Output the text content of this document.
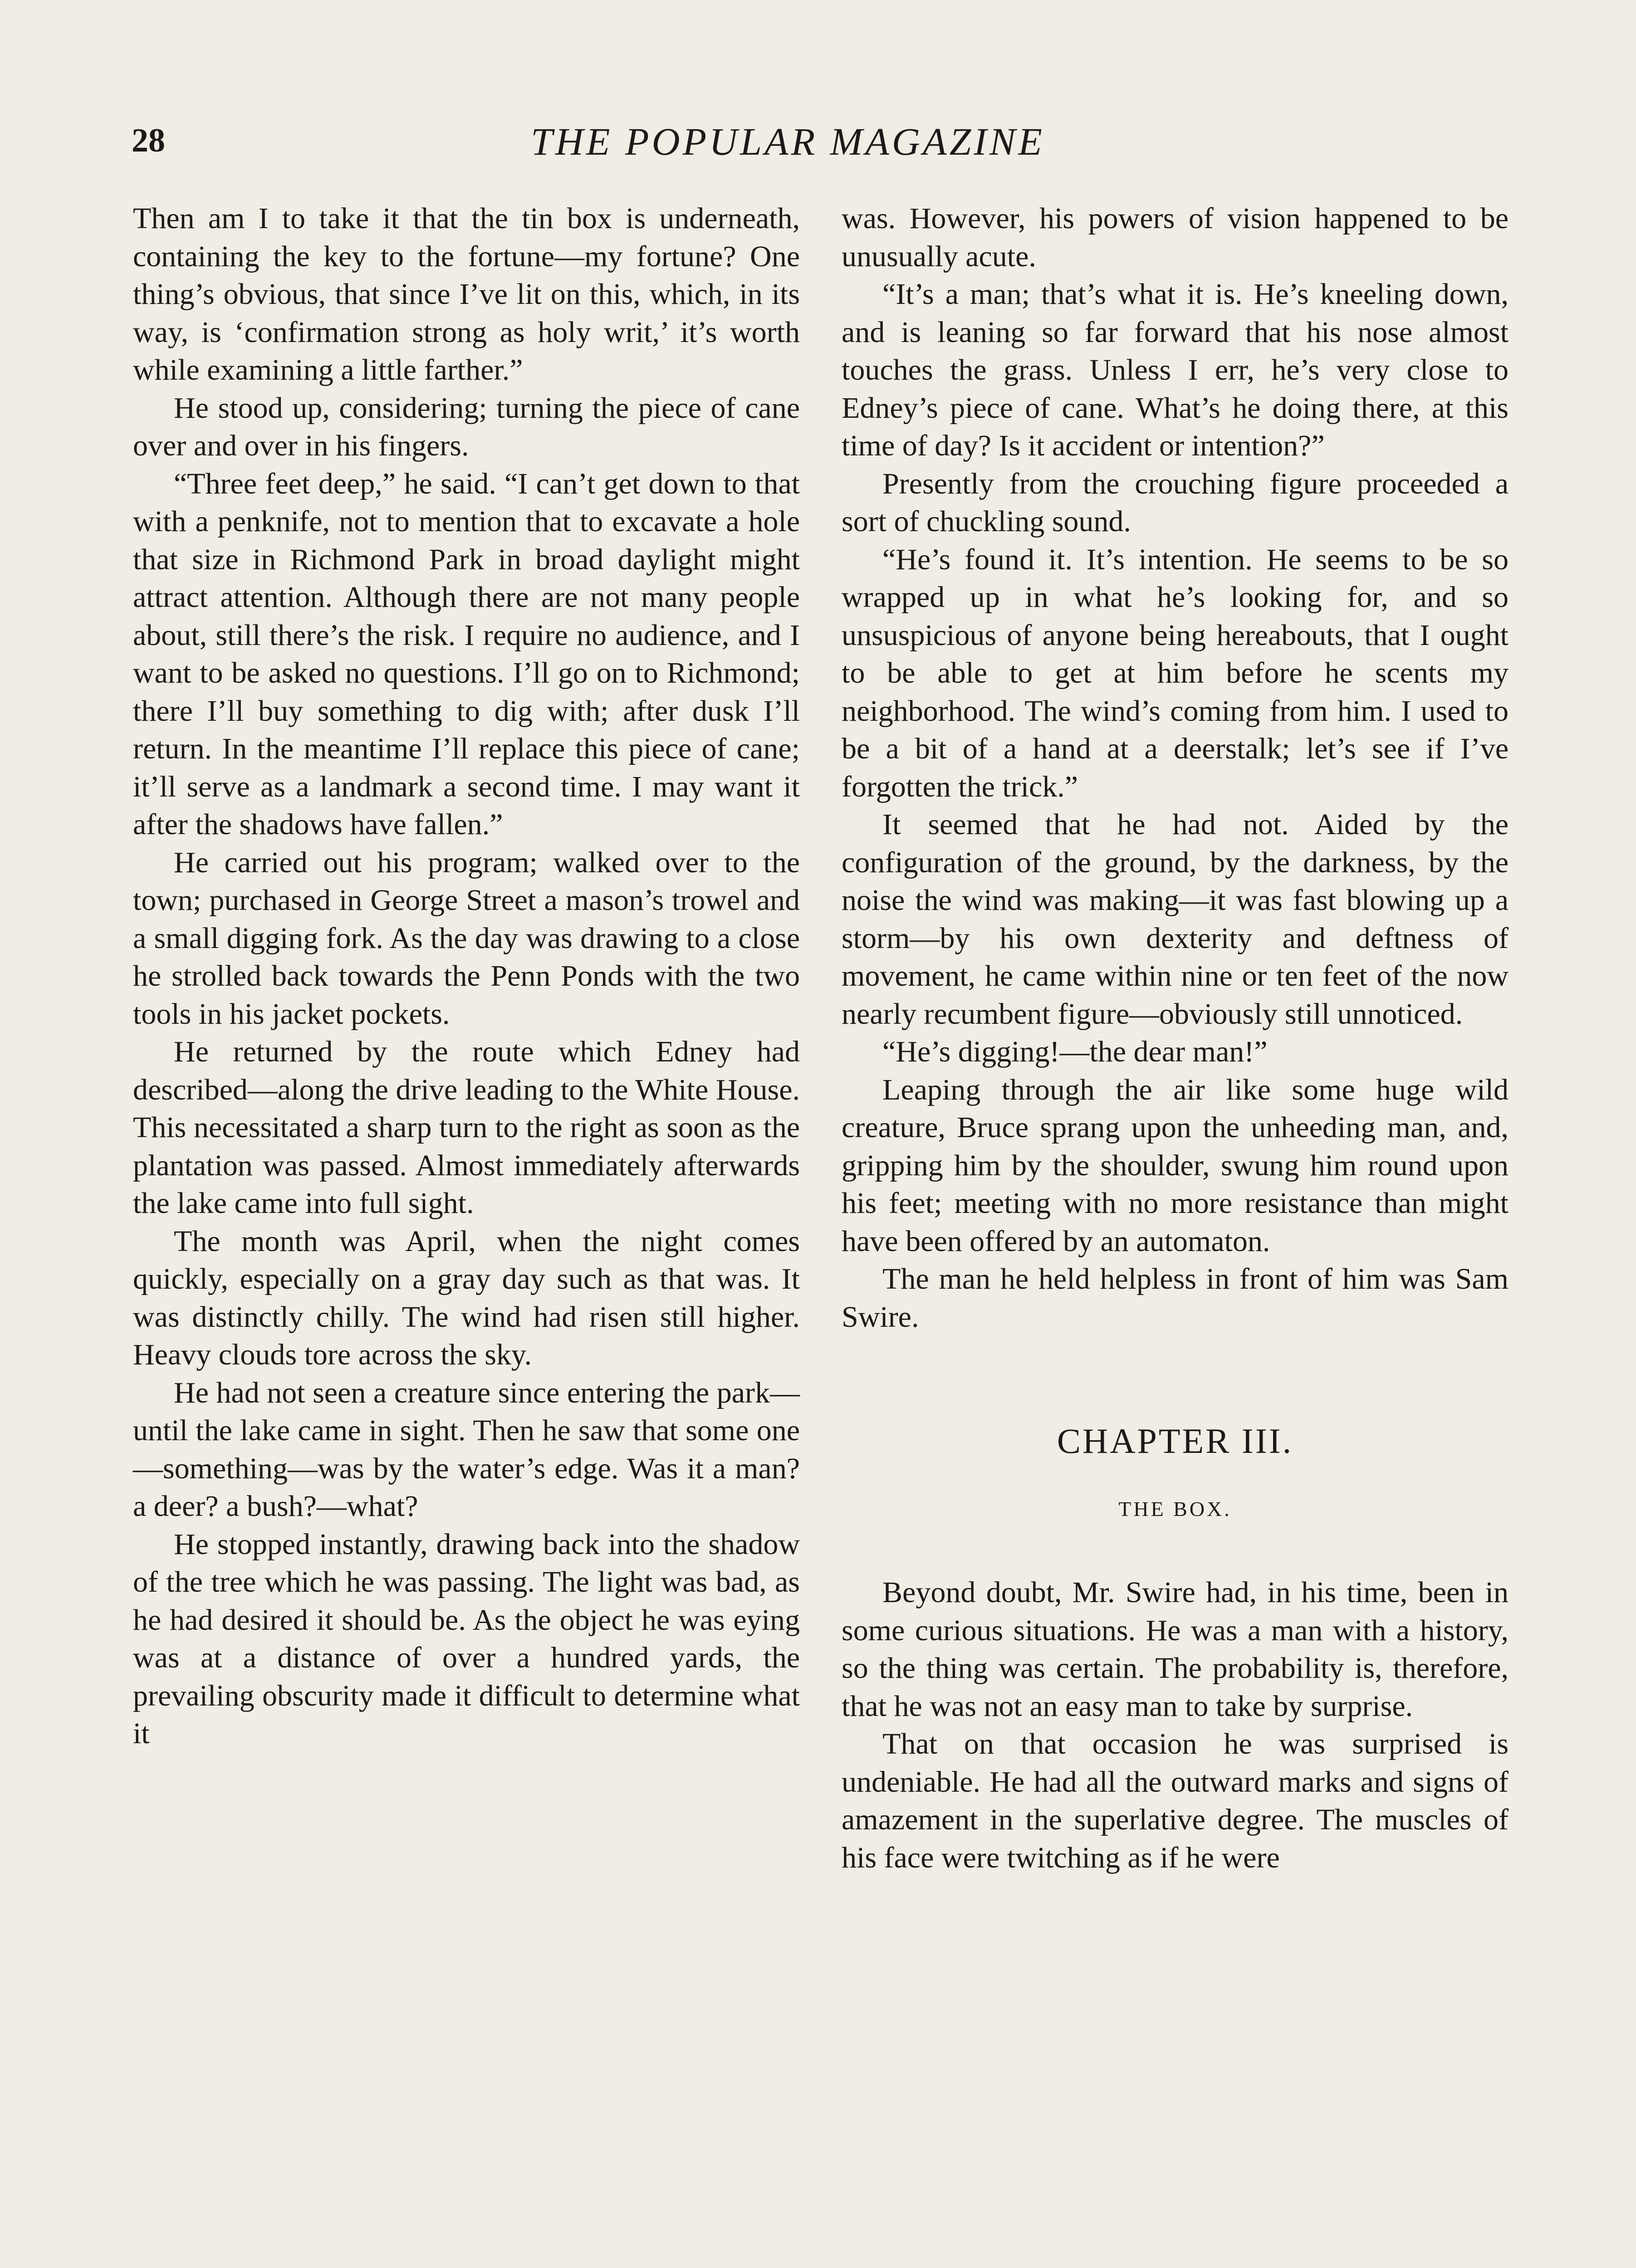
28	THE POPULAR MAGAZINE

Then am I to take it that the tin box is underneath, containing the key to the fortune—my fortune? One thing’s obvious, that since I’ve lit on this, which, in its way, is ‘confirmation strong as holy writ,’ it’s worth while examining a little farther.”

He stood up, considering; turning the piece of cane over and over in his fingers.

“Three feet deep,” he said. “I can’t get down to that with a penknife, not to mention that to excavate a hole that size in Richmond Park in broad daylight might attract attention. Although there are not many people about, still there’s the risk. I require no audience, and I want to be asked no questions. I’ll go on to Richmond; there I’ll buy something to dig with; after dusk I’ll return. In the meantime I’ll replace this piece of cane; it’ll serve as a landmark a second time. I may want it after the shadows have fallen.”

He carried out his program; walked over to the town; purchased in George Street a mason’s trowel and a small digging fork. As the day was drawing to a close he strolled back towards the Penn Ponds with the two tools in his jacket pockets.

He returned by the route which Edney had described—along the drive leading to the White House. This necessitated a sharp turn to the right as soon as the plantation was passed. Almost immediately afterwards the lake came into full sight.

The month was April, when the night comes quickly, especially on a gray day such as that was. It was distinctly chilly. The wind had risen still higher. Heavy clouds tore across the sky.

He had not seen a creature since entering the park—until the lake came in sight. Then he saw that some one—something—was by the water’s edge. Was it a man? a deer? a bush?—what?

He stopped instantly, drawing back into the shadow of the tree which he was passing. The light was bad, as he had desired it should be. As the object he was eying was at a distance of over a hundred yards, the prevailing obscurity made it difficult to determine what it

was. However, his powers of vision happened to be unusually acute.

“It’s a man; that’s what it is. He’s kneeling down, and is leaning so far forward that his nose almost touches the grass. Unless I err, he’s very close to Edney’s piece of cane. What’s he doing there, at this time of day? Is it accident or intention?”

Presently from the crouching figure proceeded a sort of chuckling sound.

“He’s found it. It’s intention. He seems to be so wrapped up in what he’s looking for, and so unsuspicious of anyone being hereabouts, that I ought to be able to get at him before he scents my neighborhood. The wind’s coming from him. I used to be a bit of a hand at a deerstalk; let’s see if I’ve forgotten the trick.”

It seemed that he had not. Aided by the configuration of the ground, by the darkness, by the noise the wind was making—it was fast blowing up a storm—by his own dexterity and deftness of movement, he came within nine or ten feet of the now nearly recumbent figure—obviously still unnoticed.

“He’s digging!—the dear man!”

Leaping through the air like some huge wild creature, Bruce sprang upon the unheeding man, and, gripping him by the shoulder, swung him round upon his feet; meeting with no more resistance than might have been offered by an automaton.

The man he held helpless in front of him was Sam Swire.

CHAPTER III.
THE BOX.

Beyond doubt, Mr. Swire had, in his time, been in some curious situations. He was a man with a history, so the thing was certain. The probability is, therefore, that he was not an easy man to take by surprise.

That on that occasion he was surprised is undeniable. He had all the outward marks and signs of amazement in the superlative degree. The muscles of his face were twitching as if he were
